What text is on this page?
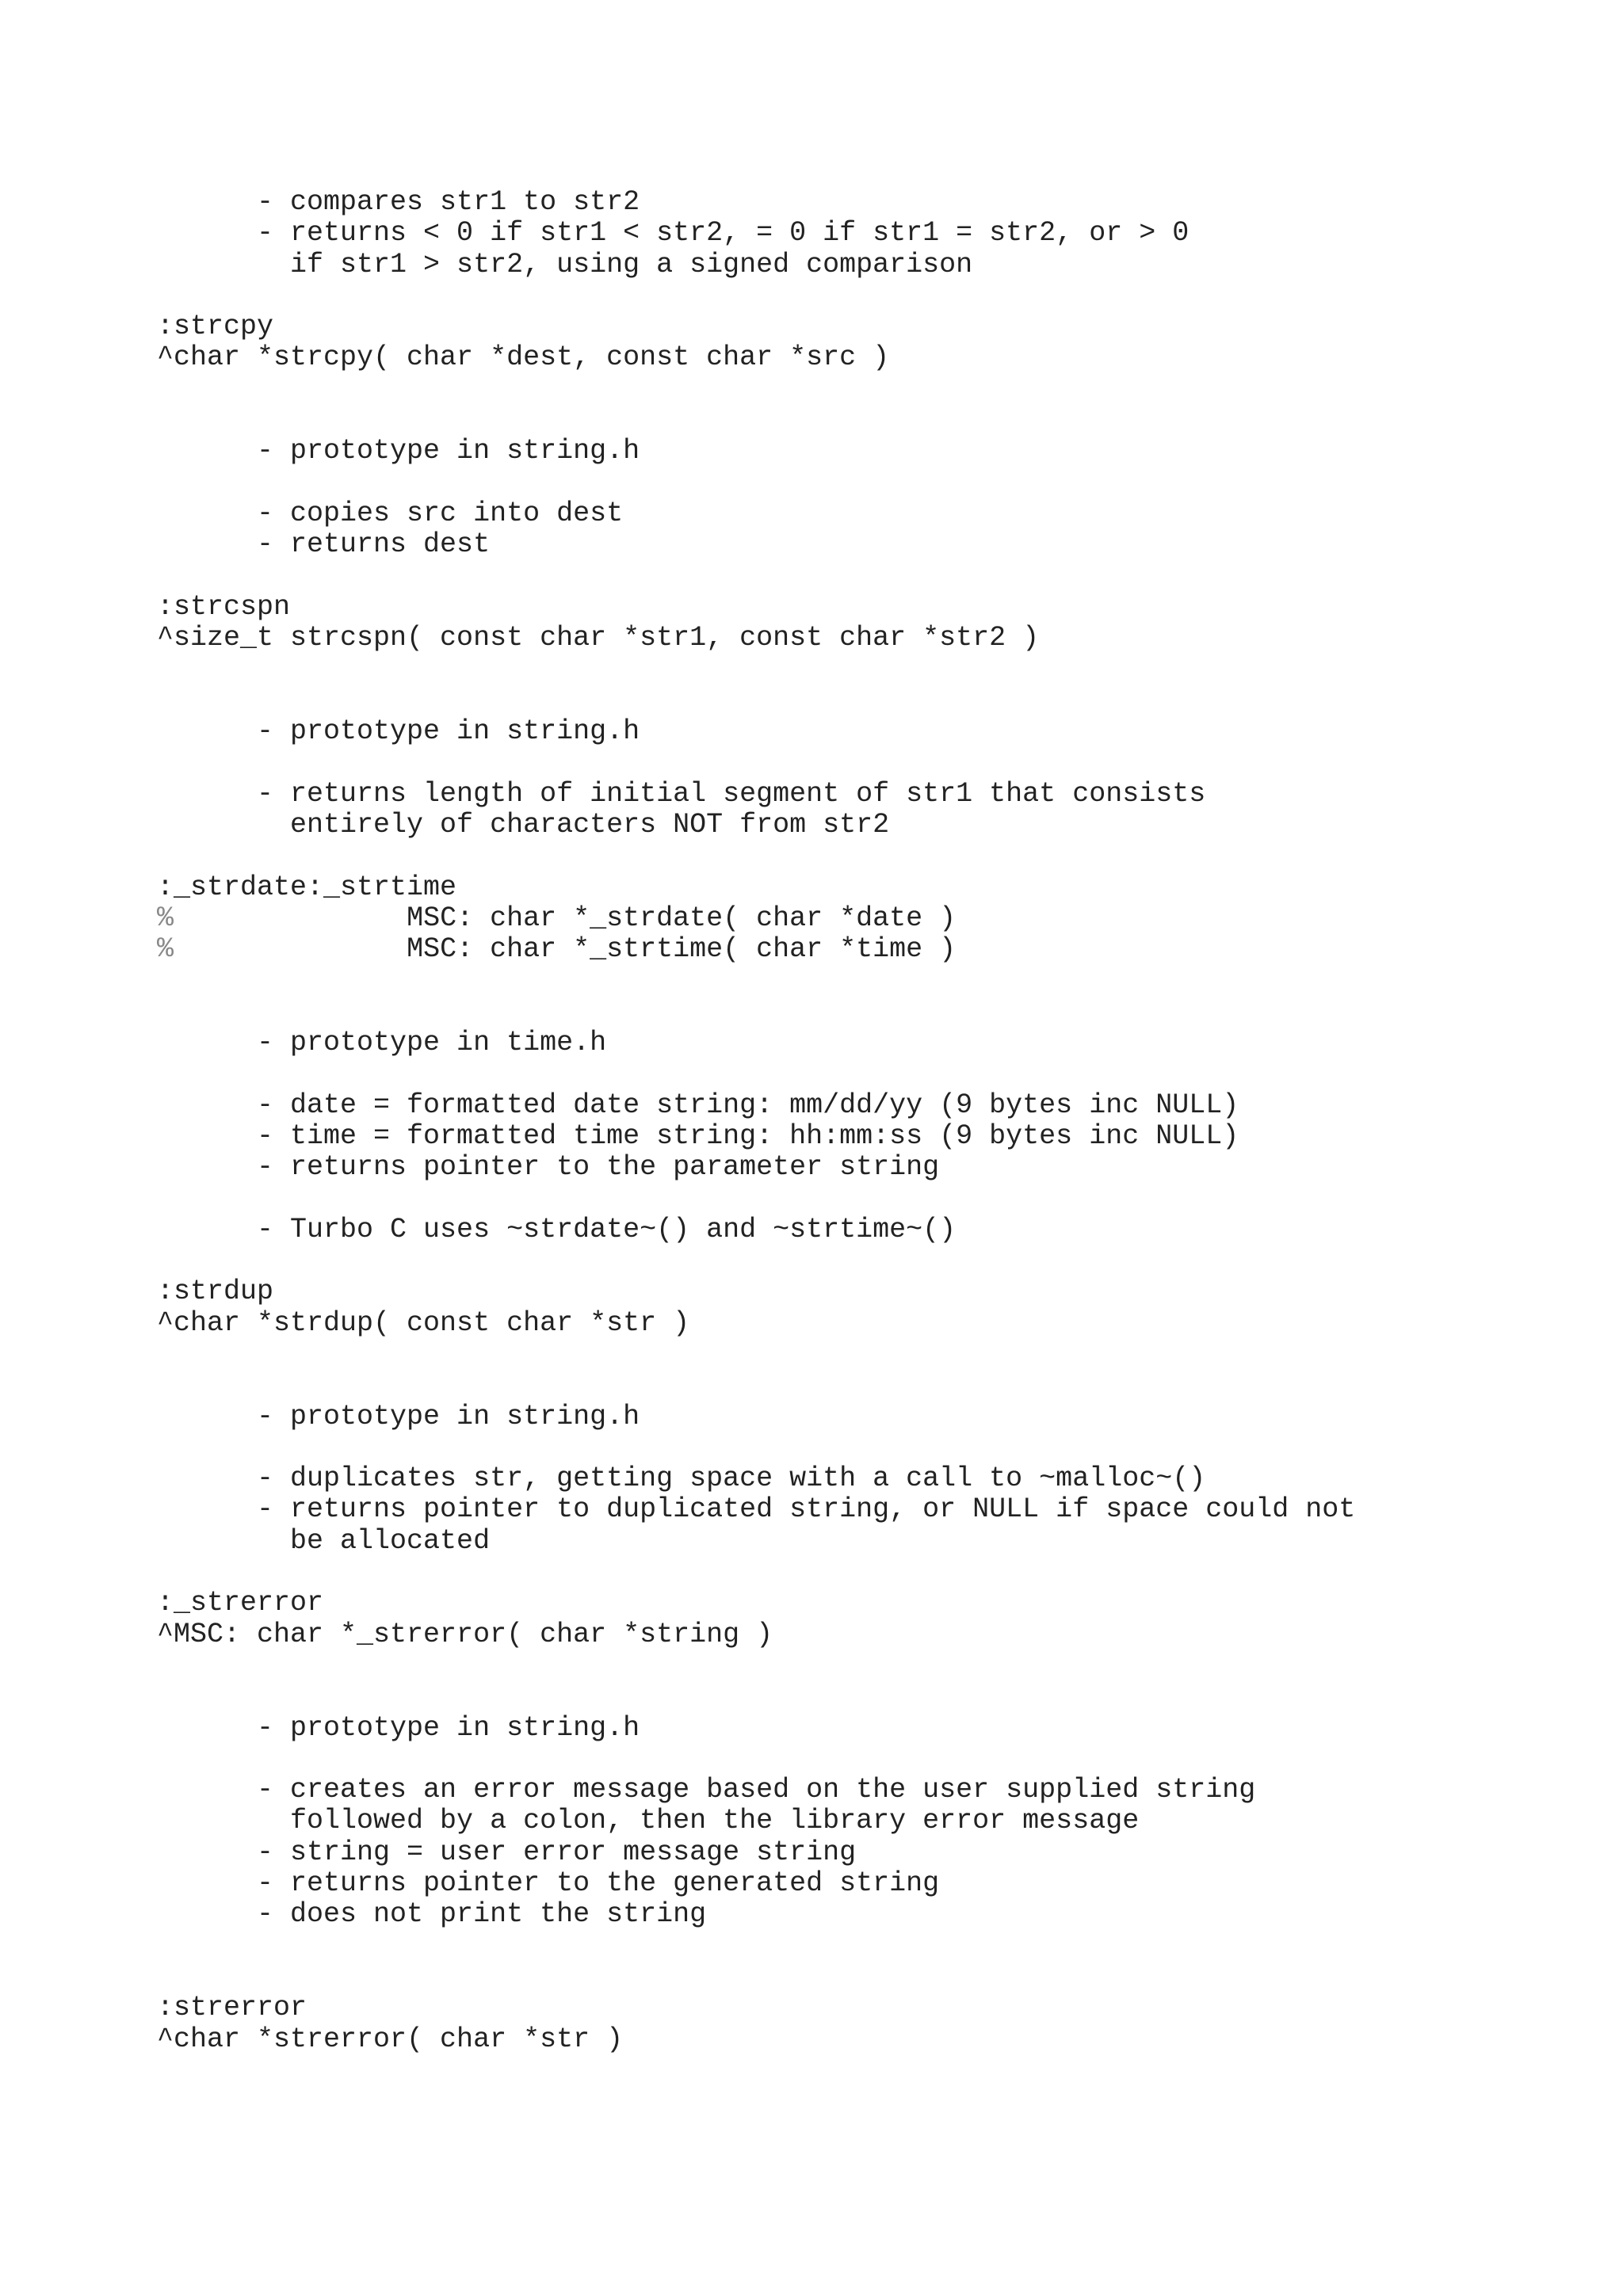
- compares str1 to str2
- returns < 0 if str1 < str2, = 0 if str1 = str2, or > 0
if str1 > str2, using a signed comparison

:strcpy
^char *strcpy( char *dest, const char *src )

- prototype in string.h

- copies src into dest
- returns dest

:strcspn
^size_t strcspn( const char *str1, const char *str2 )

- prototype in string.h

- returns length of initial segment of str1 that consists
entirely of characters NOT from str2

:_strdate:_strtime
%              MSC: char *_strdate( char *date )
%              MSC: char *_strtime( char *time )

- prototype in time.h

- date = formatted date string: mm/dd/yy (9 bytes inc NULL)
- time = formatted time string: hh:mm:ss (9 bytes inc NULL)
- returns pointer to the parameter string

- Turbo C uses ~strdate~() and ~strtime~()

:strdup
^char *strdup( const char *str )

- prototype in string.h

- duplicates str, getting space with a call to ~malloc~()
- returns pointer to duplicated string, or NULL if space could not
be allocated

:_strerror
^MSC: char *_strerror( char *string )

- prototype in string.h

- creates an error message based on the user supplied string
followed by a colon, then the library error message
- string = user error message string
- returns pointer to the generated string
- does not print the string

:strerror
^char *strerror( char *str )
